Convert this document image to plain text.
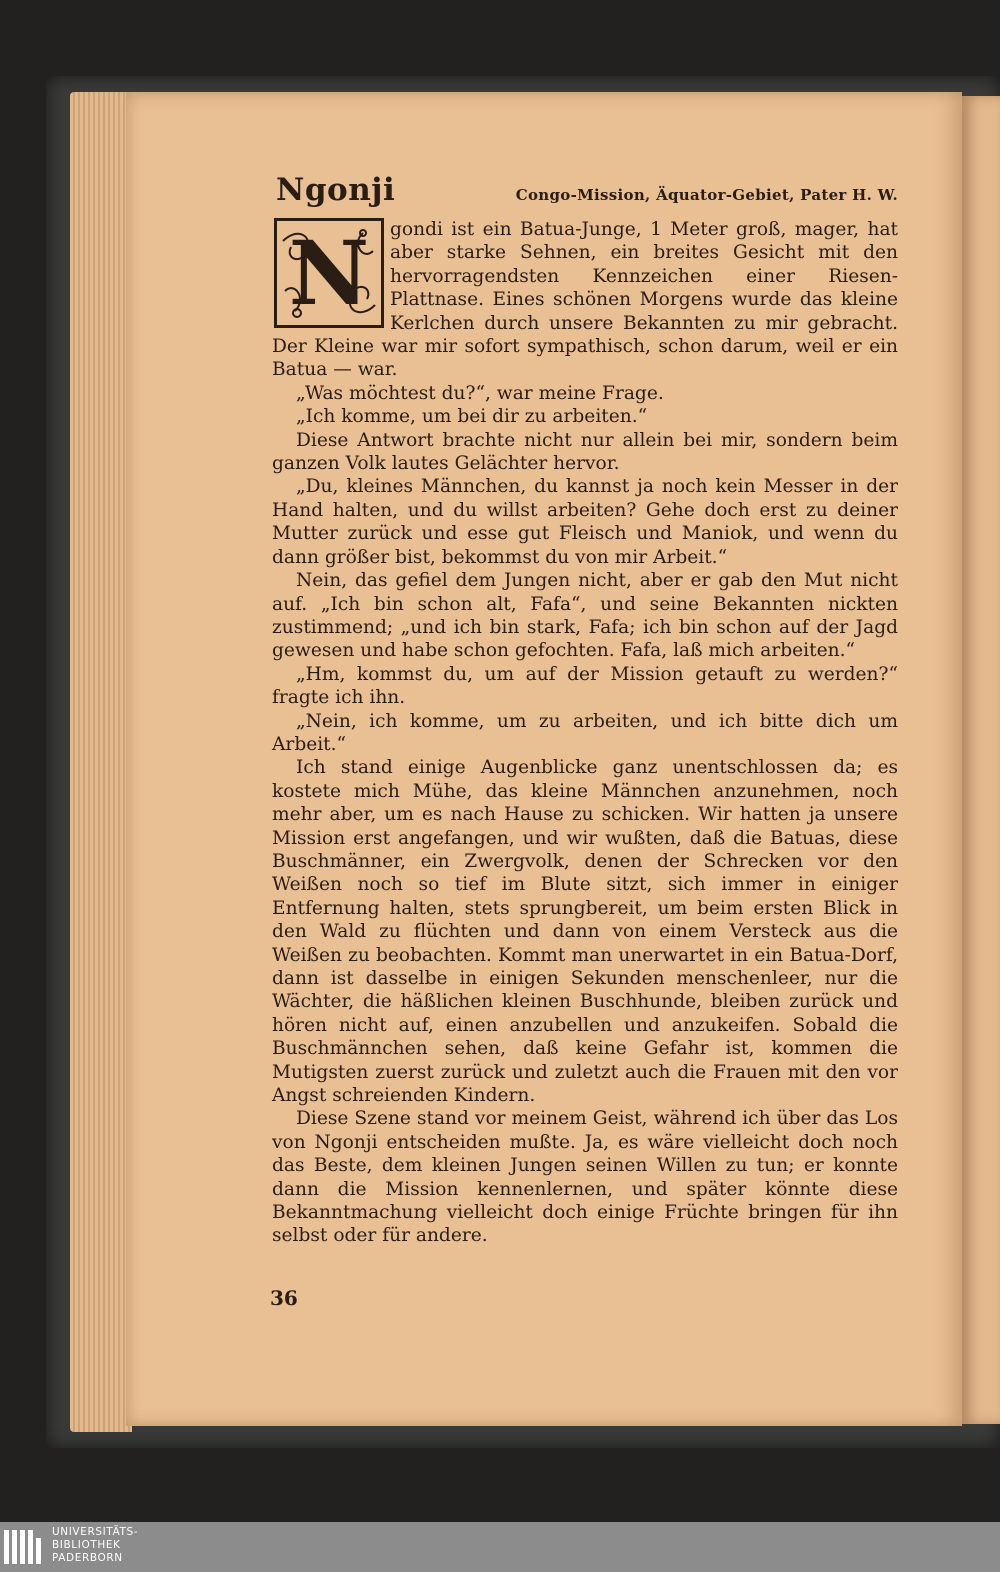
Ngonji	Congo-Mission, Äquator-Gebiet, Pater H. W.

N	gondi ist ein Batua-Junge, 1 Meter groß, mager, hat aber starke Sehnen, ein breites Gesicht mit den hervorragendsten Kennzeichen einer Riesen-Plattnase. Eines schönen Morgens wurde das kleine Kerlchen durch unsere Bekannten zu mir gebracht. Der Kleine war mir sofort sympathisch, schon darum, weil er ein Batua — war.

„Was möchtest du?“, war meine Frage.

„Ich komme, um bei dir zu arbeiten.“

Diese Antwort brachte nicht nur allein bei mir, sondern beim ganzen Volk lautes Gelächter hervor.

„Du, kleines Männchen, du kannst ja noch kein Messer in der Hand halten, und du willst arbeiten? Gehe doch erst zu deiner Mutter zurück und esse gut Fleisch und Maniok, und wenn du dann größer bist, bekommst du von mir Arbeit.“

Nein, das gefiel dem Jungen nicht, aber er gab den Mut nicht auf. „Ich bin schon alt, Fafa“, und seine Bekannten nickten zustimmend; „und ich bin stark, Fafa; ich bin schon auf der Jagd gewesen und habe schon gefochten. Fafa, laß mich arbeiten.“

„Hm, kommst du, um auf der Mission getauft zu werden?“ fragte ich ihn.

„Nein, ich komme, um zu arbeiten, und ich bitte dich um Arbeit.“

Ich stand einige Augenblicke ganz unentschlossen da; es kostete mich Mühe, das kleine Männchen anzunehmen, noch mehr aber, um es nach Hause zu schicken. Wir hatten ja unsere Mission erst angefangen, und wir wußten, daß die Batuas, diese Buschmänner, ein Zwergvolk, denen der Schrecken vor den Weißen noch so tief im Blute sitzt, sich immer in einiger Entfernung halten, stets sprungbereit, um beim ersten Blick in den Wald zu flüchten und dann von einem Versteck aus die Weißen zu beobachten. Kommt man unerwartet in ein Batua-Dorf, dann ist dasselbe in einigen Sekunden menschenleer, nur die Wächter, die häßlichen kleinen Buschhunde, bleiben zurück und hören nicht auf, einen anzubellen und anzukeifen. Sobald die Buschmännchen sehen, daß keine Gefahr ist, kommen die Mutigsten zuerst zurück und zuletzt auch die Frauen mit den vor Angst schreienden Kindern.

Diese Szene stand vor meinem Geist, während ich über das Los von Ngonji entscheiden mußte. Ja, es wäre vielleicht doch noch das Beste, dem kleinen Jungen seinen Willen zu tun; er konnte dann die Mission kennenlernen, und später könnte diese Bekanntmachung vielleicht doch einige Früchte bringen für ihn selbst oder für andere.

36
UNIVERSITÄTS-
BIBLIOTHEK
PADERBORN
